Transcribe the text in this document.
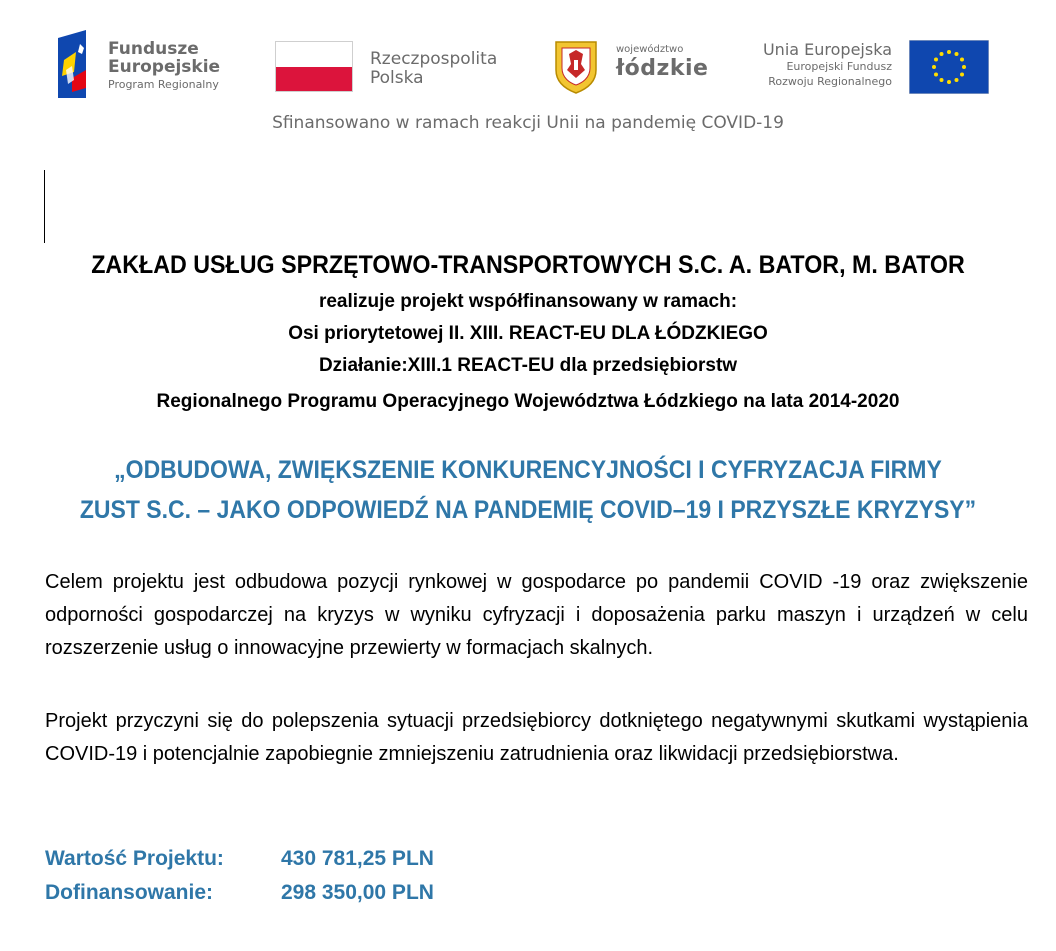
Fundusze
Europejskie
Program Regionalny
Rzeczpospolita
Polska
województwo
łódzkie
Unia Europejska
Europejski Fundusz
Rozwoju Regionalnego
Sfinansowano w ramach reakcji Unii na pandemię COVID-19
ZAKŁAD USŁUG SPRZĘTOWO-TRANSPORTOWYCH S.C. A. BATOR, M. BATOR
realizuje projekt współfinansowany w ramach:
Osi priorytetowej II. XIII. REACT-EU DLA ŁÓDZKIEGO
Działanie:XIII.1 REACT-EU dla przedsiębiorstw
Regionalnego Programu Operacyjnego Województwa Łódzkiego na lata 2014-2020
„ODBUDOWA, ZWIĘKSZENIE KONKURENCYJNOŚCI I CYFRYZACJA FIRMY
ZUST S.C. – JAKO ODPOWIEDŹ NA PANDEMIĘ COVID–19 I PRZYSZŁE KRYZYSY”
Celem projektu jest odbudowa pozycji rynkowej w gospodarce po pandemii COVID -19 oraz zwiększenie odporności gospodarczej na kryzys w wyniku cyfryzacji i doposażenia parku maszyn i urządzeń w celu rozszerzenie usług o innowacyjne przewierty w formacjach skalnych.
Projekt przyczyni się do polepszenia sytuacji przedsiębiorcy dotkniętego negatywnymi skutkami wystąpienia COVID-19 i potencjalnie zapobiegnie zmniejszeniu zatrudnienia oraz likwidacji przedsiębiorstwa.
Wartość Projektu:	430 781,25 PLN
Dofinansowanie:	298 350,00 PLN
